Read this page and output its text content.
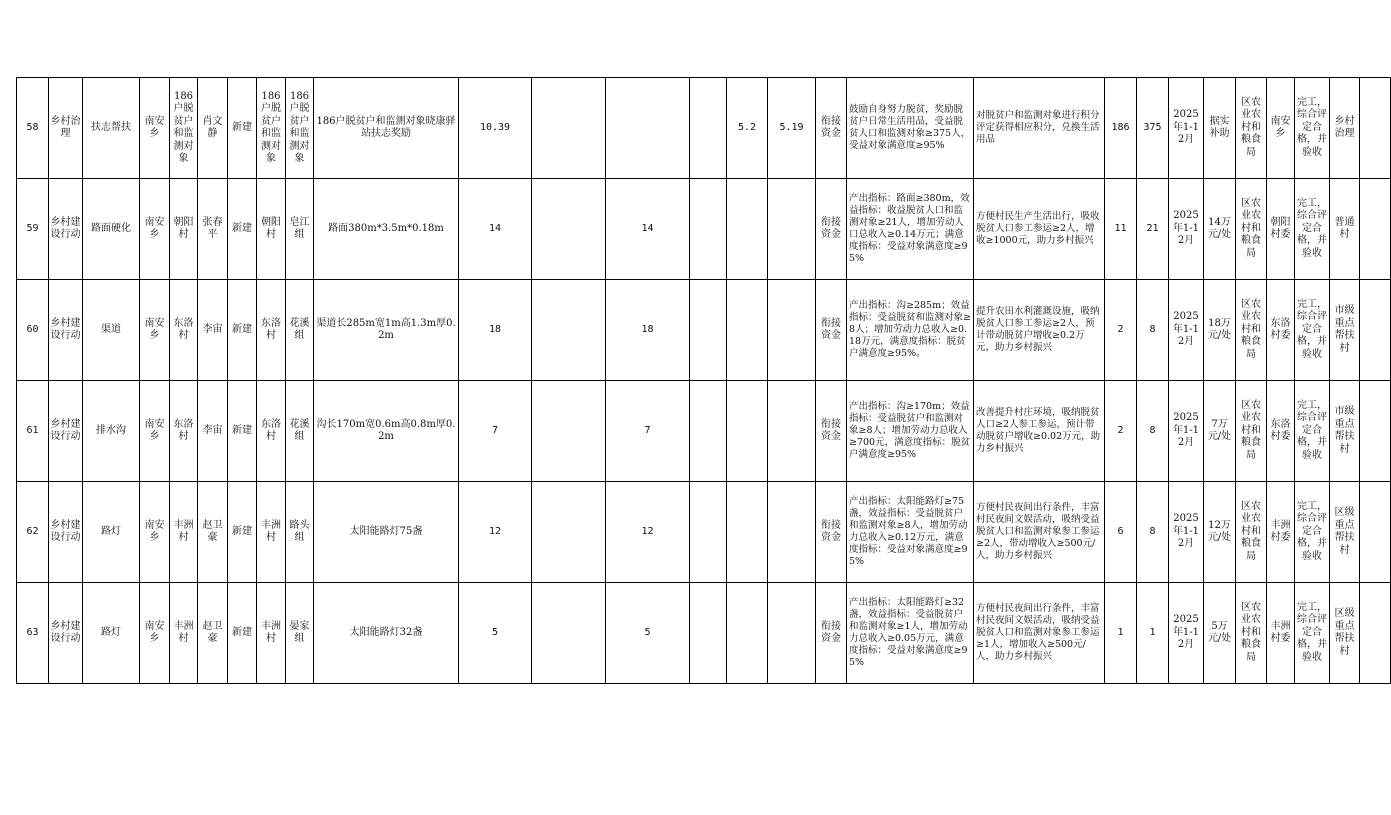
58	乡村治理	扶志帮扶	南安乡	186户脱贫户和监测对象	肖文静	新建	186户脱贫户和监测对象	186户脱贫户和监测对象	186户脱贫户和监测对象晓康驿站扶志奖励	10.39				5.2	5.19	衔接资金	鼓励自身努力脱贫，奖励脱贫户日常生活用品，受益脱贫人口和监测对象≥375人，受益对象满意度≥95%	对脱贫户和监测对象进行积分评定获得相应积分，兑换生活用品	186	375	2025年1-12月	据实补助	区农业农村和粮食局	南安乡	完工，综合评定合格，并验收	乡村治理	
59	乡村建设行动	路面硬化	南安乡	朝阳村	张春平	新建	朝阳村	皂江组	路面380m*3.5m*0.18m	14		14				衔接资金	产出指标：路面≥380m，效益指标：收益脱贫人口和监测对象≥21人，增加劳动人口总收入≥0.14万元；满意度指标：受益对象满意度≥95%	方便村民生产生活出行，吸收脱贫人口参工参运≥2人，增收≥1000元，助力乡村振兴	11	21	2025年1-12月	14万元/处	区农业农村和粮食局	朝阳村委	完工，综合评定合格，并验收	普通村	
60	乡村建设行动	渠道	南安乡	东洛村	李宙	新建	东洛村	花溪组	渠道长285m宽1m高1.3m厚0.2m	18		18				衔接资金	产出指标：沟≥285m；效益指标：受益脱贫和监测对象≥8人；增加劳动力总收入≥0.18万元，满意度指标：脱贫户满意度≥95%。	提升农田水利灌溉设施，吸纳脱贫人口参工参运≥2人，预计带动脱贫户增收≥0.2万元，助力乡村振兴	2	8	2025年1-12月	18万元/处	区农业农村和粮食局	东洛村委	完工，综合评定合格，并验收	市级重点帮扶村	
61	乡村建设行动	排水沟	南安乡	东洛村	李宙	新建	东洛村	花溪组	沟长170m宽0.6m高0.8m厚0.2m	7		7				衔接资金	产出指标：沟≥170m；效益指标：受益脱贫户和监测对象≥8人；增加劳动力总收入≥700元，满意度指标：脱贫户满意度≥95%	改善提升村庄环境，吸纳脱贫人口≥2人参工参运，预计带动脱贫户增收≥0.02万元，助力乡村振兴	2	8	2025年1-12月	7万元/处	区农业农村和粮食局	东洛村委	完工，综合评定合格，并验收	市级重点帮扶村	
62	乡村建设行动	路灯	南安乡	丰洲村	赵卫豪	新建	丰洲村	路头组	太阳能路灯75盏	12		12				衔接资金	产出指标：太阳能路灯≥75盏，效益指标：受益脱贫户和监测对象≥8人，增加劳动力总收入≥0.12万元，满意度指标：受益对象满意度≥95%	方便村民夜间出行条件，丰富村民夜间文娱活动，吸纳受益脱贫人口和监测对象参工参运≥2人，带动增收入≥500元/人，助力乡村振兴	6	8	2025年1-12月	12万元/处	区农业农村和粮食局	丰洲村委	完工，综合评定合格，并验收	区级重点帮扶村	
63	乡村建设行动	路灯	南安乡	丰洲村	赵卫豪	新建	丰洲村	晏家组	太阳能路灯32盏	5		5				衔接资金	产出指标：太阳能路灯≥32盏，效益指标：受益脱贫户和监测对象≥1人，增加劳动力总收入≥0.05万元，满意度指标：受益对象满意度≥95%	方便村民夜间出行条件，丰富村民夜间文娱活动，吸纳受益脱贫人口和监测对象参工参运≥1人，增加收入≥500元/人，助力乡村振兴	1	1	2025年1-12月	5万元/处	区农业农村和粮食局	丰洲村委	完工，综合评定合格，并验收	区级重点帮扶村	
